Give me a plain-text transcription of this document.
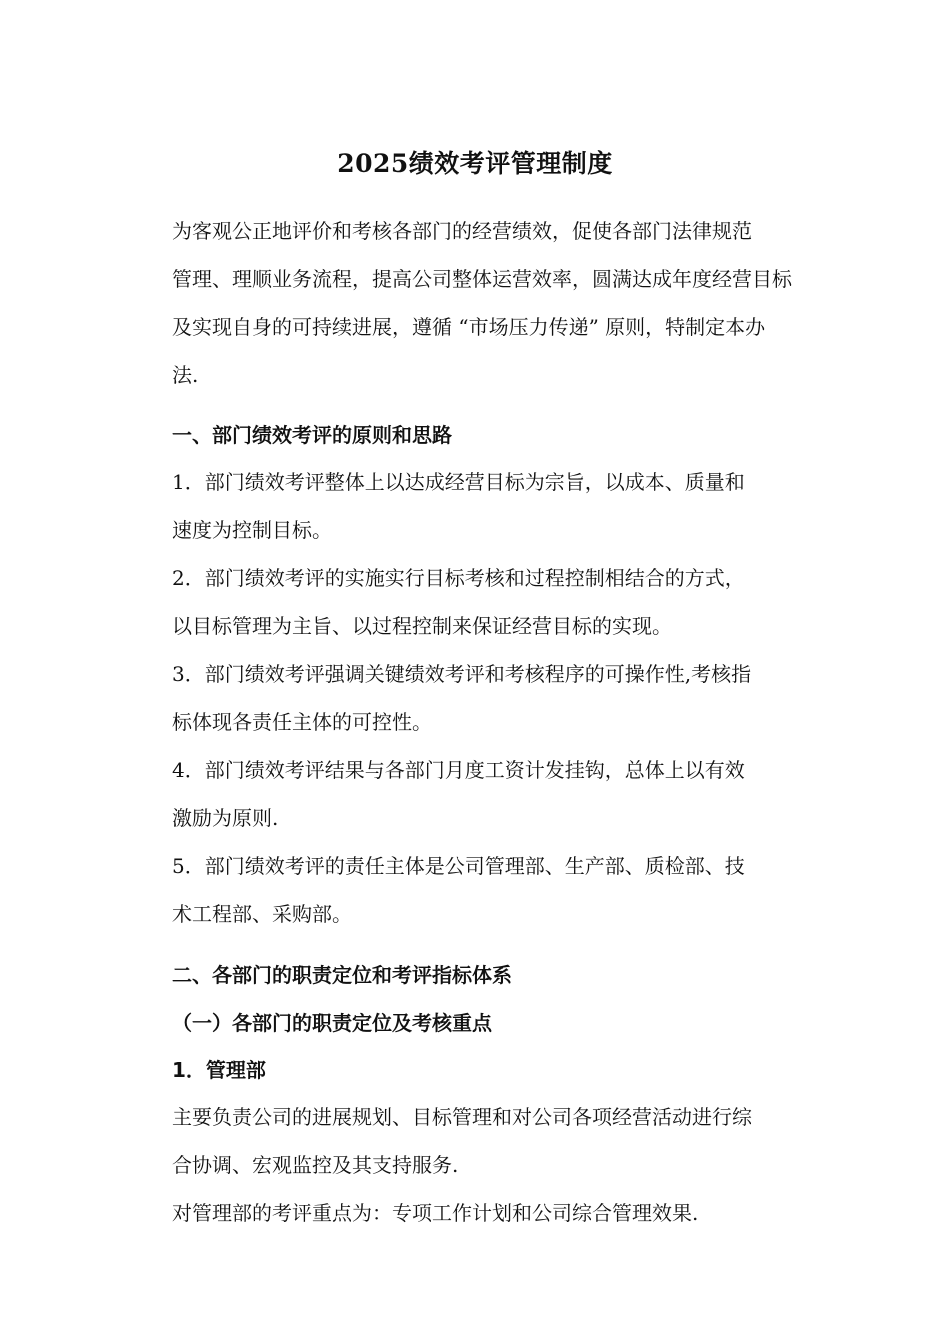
2025绩效考评管理制度
为客观公正地评价和考核各部门的经营绩效，促使各部门法律规范
管理、理顺业务流程，提高公司整体运营效率，圆满达成年度经营目标
及实现自身的可持续进展，遵循 “市场压力传递” 原则，特制定本办
法.
一、部门绩效考评的原则和思路
1．部门绩效考评整体上以达成经营目标为宗旨，以成本、质量和
速度为控制目标。
2．部门绩效考评的实施实行目标考核和过程控制相结合的方式，
以目标管理为主旨、以过程控制来保证经营目标的实现。
3．部门绩效考评强调关键绩效考评和考核程序的可操作性,考核指
标体现各责任主体的可控性。
4．部门绩效考评结果与各部门月度工资计发挂钩，总体上以有效
激励为原则.
5．部门绩效考评的责任主体是公司管理部、生产部、质检部、技
术工程部、采购部。
二、各部门的职责定位和考评指标体系
（一）各部门的职责定位及考核重点
1．管理部
主要负责公司的进展规划、目标管理和对公司各项经营活动进行综
合协调、宏观监控及其支持服务.
对管理部的考评重点为：专项工作计划和公司综合管理效果.
